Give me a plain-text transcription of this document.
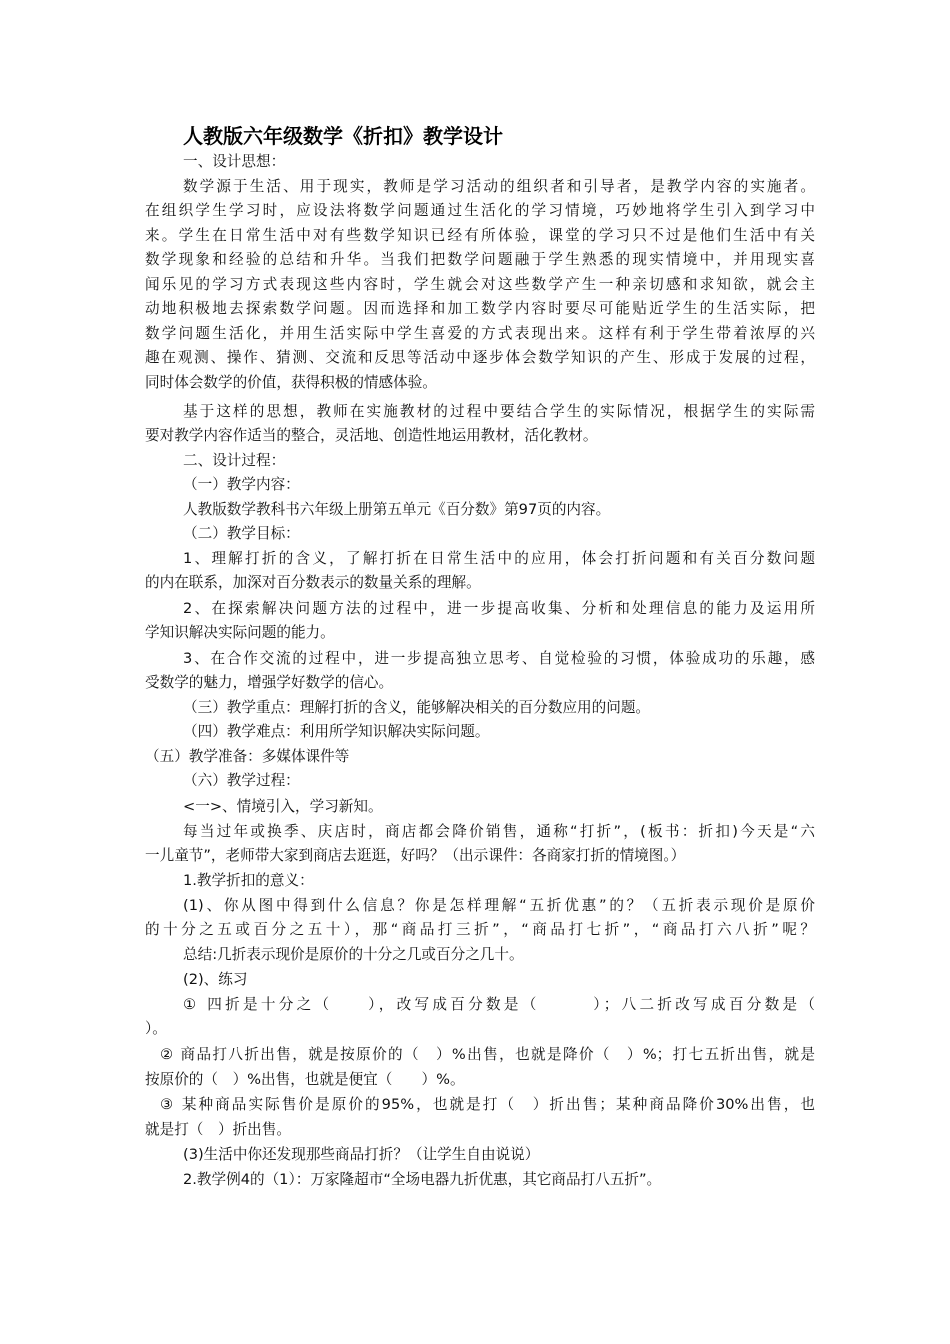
人教版六年级数学《折扣》教学设计
一、设计思想：
数学源于生活、用于现实，教师是学习活动的组织者和引导者，是教学内容的实施者。
在组织学生学习时，应设法将数学问题通过生活化的学习情境，巧妙地将学生引入到学习中
来。学生在日常生活中对有些数学知识已经有所体验，课堂的学习只不过是他们生活中有关
数学现象和经验的总结和升华。当我们把数学问题融于学生熟悉的现实情境中，并用现实喜
闻乐见的学习方式表现这些内容时，学生就会对这些数学产生一种亲切感和求知欲，就会主
动地积极地去探索数学问题。因而选择和加工数学内容时要尽可能贴近学生的生活实际，把
数学问题生活化，并用生活实际中学生喜爱的方式表现出来。这样有利于学生带着浓厚的兴
趣在观测、操作、猜测、交流和反思等活动中逐步体会数学知识的产生、形成于发展的过程，
同时体会数学的价值，获得积极的情感体验。
基于这样的思想，教师在实施教材的过程中要结合学生的实际情况，根据学生的实际需
要对教学内容作适当的整合，灵活地、创造性地运用教材，活化教材。
二、设计过程：
（一）教学内容：
人教版数学教科书六年级上册第五单元《百分数》第97页的内容。
（二）教学目标：
1、理解打折的含义，了解打折在日常生活中的应用，体会打折问题和有关百分数问题
的内在联系，加深对百分数表示的数量关系的理解。
2、在探索解决问题方法的过程中，进一步提高收集、分析和处理信息的能力及运用所
学知识解决实际问题的能力。
3、在合作交流的过程中，进一步提高独立思考、自觉检验的习惯，体验成功的乐趣，感
受数学的魅力，增强学好数学的信心。
（三）教学重点：理解打折的含义，能够解决相关的百分数应用的问题。
（四）教学难点：利用所学知识解决实际问题。
（五）教学准备：多媒体课件等
（六）教学过程：
<一>、情境引入，学习新知。
每当过年或换季、庆店时，商店都会降价销售，通称“打折”，(板书：折扣)今天是“六
一儿童节”，老师带大家到商店去逛逛，好吗？（出示课件：各商家打折的情境图。）
1.教学折扣的意义：
(1)、你从图中得到什么信息？你是怎样理解“五折优惠”的？（五折表示现价是原价
的十分之五或百分之五十），那“商品打三折”，“商品打七折”，“商品打六八折”呢？
总结:几折表示现价是原价的十分之几或百分之几十。
(2)、练习
① 四折是十分之（　　），改写成百分数是（　　　）；八二折改写成百分数是（
）。
② 商品打八折出售，就是按原价的（　）%出售，也就是降价（　）%；打七五折出售，就是
按原价的（　）%出售，也就是便宜（　　）%。
③ 某种商品实际售价是原价的95%，也就是打（　）折出售；某种商品降价30%出售，也
就是打（　）折出售。
(3)生活中你还发现那些商品打折？（让学生自由说说）
2.教学例4的（1）：万家隆超市“全场电器九折优惠，其它商品打八五折”。
